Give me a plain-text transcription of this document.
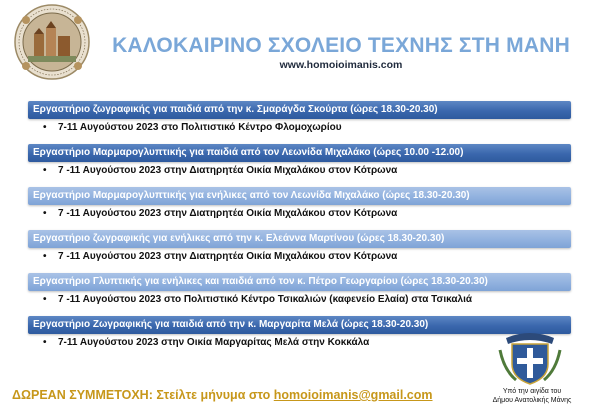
ΚΑΛΟΚΑΙΡΙΝΟ ΣΧΟΛΕΙΟ ΤΕΧΝΗΣ ΣΤΗ ΜΑΝΗ
www.homoioimanis.com
Εργαστήριο ζωγραφικής για παιδιά από την κ. Σμαράγδα Σκούρτα (ώρες 18.30-20.30)
• 7-11 Αυγούστου 2023 στο Πολιτιστικό Κέντρο Φλομοχωρίου
Εργαστήριο Μαρμαρογλυπτικής για παιδιά από τον Λεωνίδα Μιχαλάκο (ώρες 10.00 -12.00)
• 7 -11 Αυγούστου 2023 στην Διατηρητέα Οικία Μιχαλάκου στον Κότρωνα
Εργαστήριο Μαρμαρογλυπτικής για ενήλικες από τον Λεωνίδα Μιχαλάκο (ώρες 18.30-20.30)
• 7 -11 Αυγούστου 2023 στην Διατηρητέα Οικία Μιχαλάκου στον Κότρωνα
Εργαστήριο ζωγραφικής για ενήλικες από την κ. Ελεάννα Μαρτίνου (ώρες 18.30-20.30)
• 7 -11 Αυγούστου 2023 στην Διατηρητέα Οικία Μιχαλάκου στον Κότρωνα
Εργαστήριο Γλυπτικής για ενήλικες και παιδιά από τον κ. Πέτρο Γεωργαρίου (ώρες 18.30-20.30)
• 7 -11 Αυγούστου 2023 στο Πολιτιστικό Κέντρο Τσικαλιών (καφενείο Ελαία) στα Τσικαλιά
Εργαστήριο Ζωγραφικής για παιδιά από την κ. Μαργαρίτα Μελά (ώρες 18.30-20.30)
• 7-11 Αυγούστου 2023 στην Οικία Μαργαρίτας Μελά στην Κοκκάλα
ΔΩΡΕΑΝ ΣΥΜΜΕΤΟΧΗ: Στείλτε μήνυμα στο homoioimanis@gmail.com	Υπό την αιγίδα του
Δήμου Ανατολικής Μάνης
